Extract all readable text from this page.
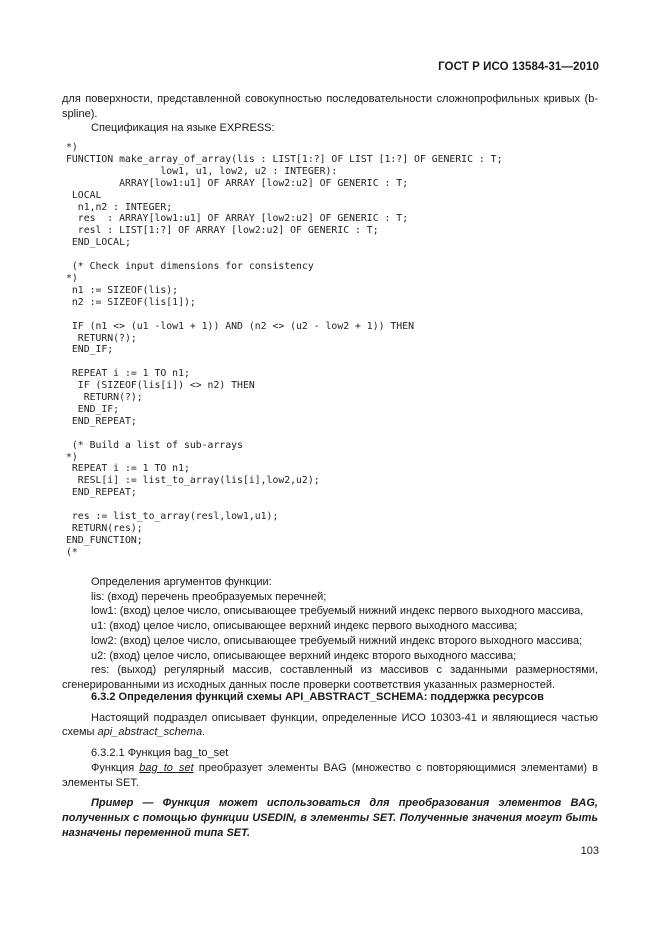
ГОСТ Р ИСО 13584-31—2010
для поверхности, представленной совокупностью последовательности сложнопрофильных кривых (b-spline).
Спецификация на языке EXPRESS:
*)
FUNCTION make_array_of_array(lis : LIST[1:?] OF LIST [1:?] OF GENERIC : T;
low1, u1, low2, u2 : INTEGER):
ARRAY[low1:u1] OF ARRAY [low2:u2] OF GENERIC : T;
LOCAL
n1,n2 : INTEGER;
res  : ARRAY[low1:u1] OF ARRAY [low2:u2] OF GENERIC : T;
resl : LIST[1:?] OF ARRAY [low2:u2] OF GENERIC : T;
END_LOCAL;

(* Check input dimensions for consistency
*)
n1 := SIZEOF(lis);
n2 := SIZEOF(lis[1]);

IF (n1 <> (u1 -low1 + 1)) AND (n2 <> (u2 - low2 + 1)) THEN
RETURN(?);
END_IF;

REPEAT i := 1 TO n1;
IF (SIZEOF(lis[i]) <> n2) THEN
RETURN(?);
END_IF;
END_REPEAT;

(* Build a list of sub-arrays
*)
REPEAT i := 1 TO n1;
RESL[i] := list_to_array(lis[i],low2,u2);
END_REPEAT;

res := list_to_array(resl,low1,u1);
RETURN(res);
END_FUNCTION;
(*

Определения аргументов функции:

lis: (вход) перечень преобразуемых перечней;

low1: (вход) целое число, описывающее требуемый нижний индекс первого выходного массива,

u1: (вход) целое число, описывающее верхний индекс первого выходного массива;

low2: (вход) целое число, описывающее требуемый нижний индекс второго выходного массива;

u2: (вход) целое число, описывающее верхний индекс второго выходного массива;

res: (выход) регулярный массив, составленный из массивов с заданными размерностями, сгенерированными из исходных данных после проверки соответствия указанных размерностей.

6.3.2 Определения функций схемы API_ABSTRACT_SCHEMA: поддержка ресурсов

Настоящий подраздел описывает функции, определенные ИСО 10303-41 и являющиеся частью схемы api_abstract_schema.

6.3.2.1 Функция bag_to_set

Функция bag_to_set преобразует элементы BAG (множество с повторяющимися элементами) в элементы SET.

Пример — Функция может использоваться для преобразования элементов BAG, полученных с помощью функции USEDIN, в элементы SET. Полученные значения могут быть назначены переменной типа SET.

103
